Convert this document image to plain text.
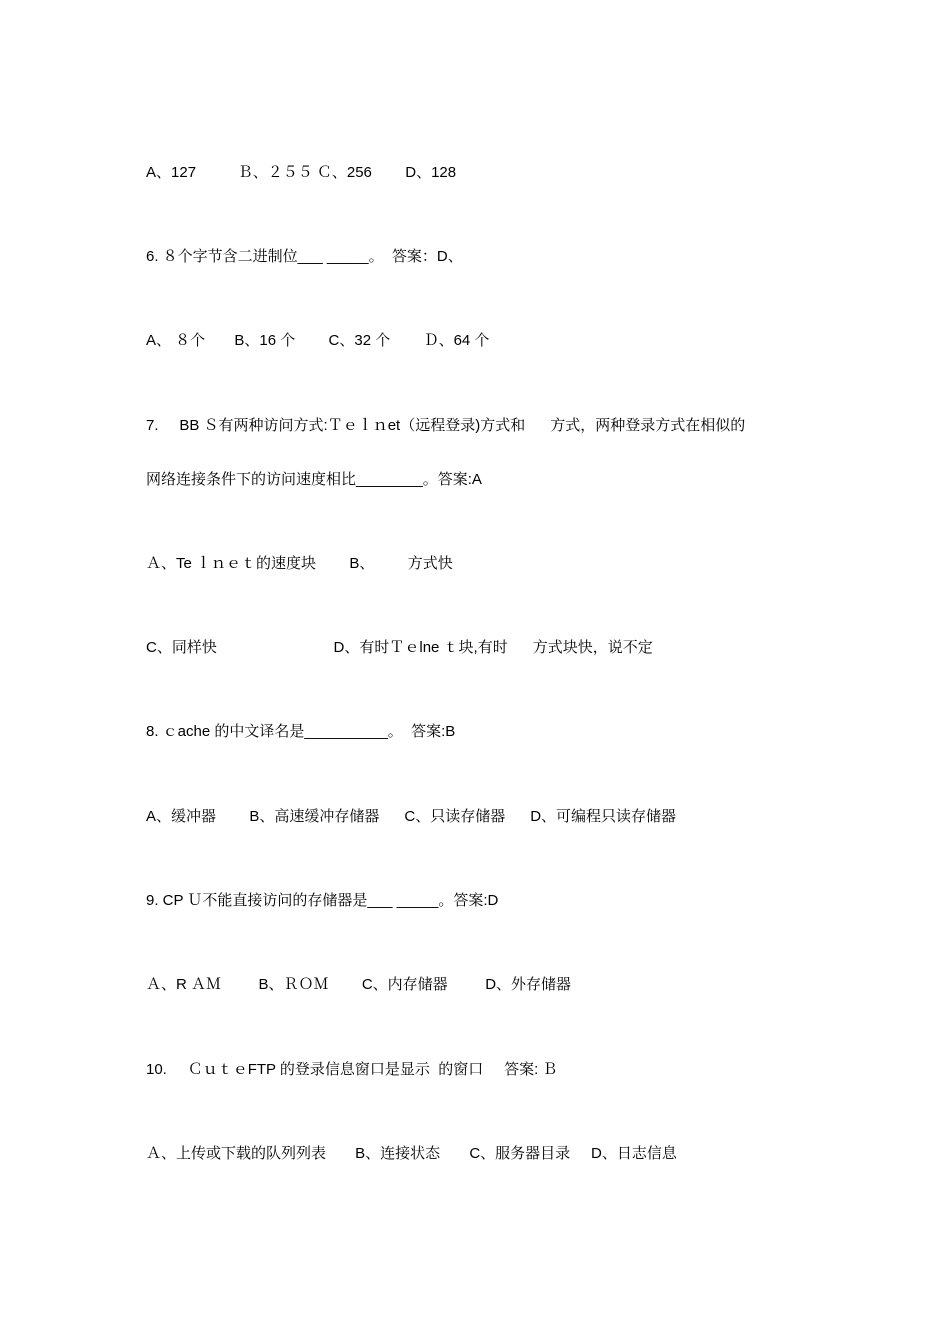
A、127          Ｂ、２５５ Ｃ、256        D、128
6. ８个字节含二进制位___ _____。  答案：D、
A、 ８个       B、16 个        C、32 个        Ｄ、64 个
7.     BB Ｓ有两种访问方式:Ｔｅｌｎet（远程登录)方式和      方式，两种登录方式在相似的
网络连接条件下的访问速度相比________。答案:A
Ａ、Te ｌｎｅｔ的速度块        B、        方式快
C、同样快                            D、有时Ｔｅlne ｔ块,有时      方式块快，说不定
8. ｃache 的中文译名是__________。  答案:B
A、缓冲器        B、高速缓冲存储器      C、只读存储器      D、可编程只读存储器
9. CP Ｕ不能直接访问的存储器是___ _____。答案:D
Ａ、R ＡＭ         B、ＲＯＭ        C、内存储器         D、外存储器
10.     ＣｕｔｅFTP 的登录信息窗口是显示  的窗口     答案: Ｂ
Ａ、上传或下载的队列列表       B、连接状态       C、服务器目录     D、日志信息
